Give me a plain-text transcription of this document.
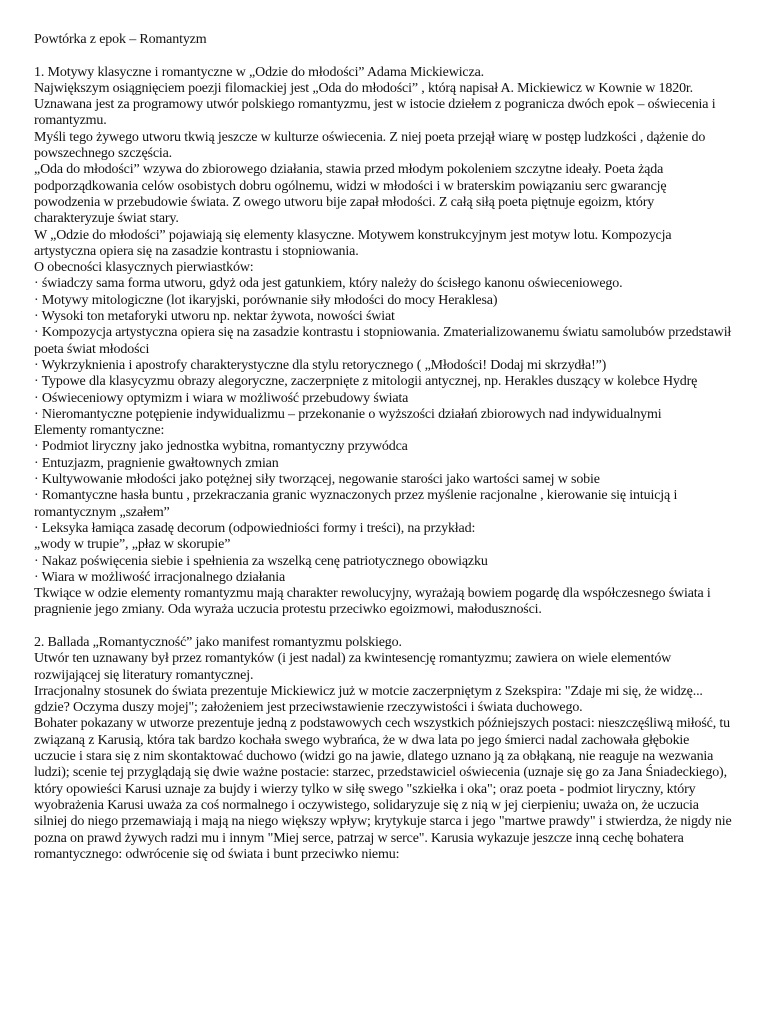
Powtórka z epok – Romantyzm

1. Motywy klasyczne i romantyczne w „Odzie do młodości” Adama Mickiewicza.

Największym osiągnięciem poezji filomackiej jest „Oda do młodości” , którą napisał A. Mickiewicz w Kownie w 1820r. Uznawana jest za programowy utwór polskiego romantyzmu, jest w istocie dziełem z pogranicza dwóch epok – oświecenia i romantyzmu.

Myśli tego żywego utworu tkwią jeszcze w kulturze oświecenia. Z niej poeta przejął wiarę w postęp ludzkości , dążenie do powszechnego szczęścia.

„Oda do młodości” wzywa do zbiorowego działania, stawia przed młodym pokoleniem szczytne ideały. Poeta żąda podporządkowania celów osobistych dobru ogólnemu, widzi w młodości i w braterskim powiązaniu serc gwarancję powodzenia w przebudowie świata. Z owego utworu bije zapał młodości. Z całą siłą poeta piętnuje egoizm, który charakteryzuje świat stary.

W „Odzie do młodości” pojawiają się elementy klasyczne. Motywem konstrukcyjnym jest motyw lotu. Kompozycja artystyczna opiera się na zasadzie kontrastu i stopniowania.

O obecności klasycznych pierwiastków:

· świadczy sama forma utworu, gdyż oda jest gatunkiem, który należy do ścisłego kanonu oświeceniowego.

· Motywy mitologiczne (lot ikaryjski, porównanie siły młodości do mocy Heraklesa)

· Wysoki ton metaforyki utworu np. nektar żywota, nowości świat

· Kompozycja artystyczna opiera się na zasadzie kontrastu i stopniowania. Zmaterializowanemu światu samolubów przedstawił poeta świat młodości

· Wykrzyknienia i apostrofy charakterystyczne dla stylu retorycznego ( „Młodości! Dodaj mi skrzydła!”)

· Typowe dla klasycyzmu obrazy alegoryczne, zaczerpnięte z mitologii antycznej, np. Herakles duszący w kolebce Hydrę

· Oświeceniowy optymizm i wiara w możliwość przebudowy świata

· Nieromantyczne potępienie indywidualizmu – przekonanie o wyższości działań zbiorowych nad indywidualnymi

Elementy romantyczne:

· Podmiot liryczny jako jednostka wybitna, romantyczny przywódca

· Entuzjazm, pragnienie gwałtownych zmian

· Kultywowanie młodości jako potężnej siły tworzącej, negowanie starości jako wartości samej w sobie

· Romantyczne hasła buntu , przekraczania granic wyznaczonych przez myślenie racjonalne , kierowanie się intuicją i romantycznym „szałem”

· Leksyka łamiąca zasadę decorum (odpowiedniości formy i treści), na przykład:

„wody w trupie”, „płaz w skorupie”

· Nakaz poświęcenia siebie i spełnienia za wszelką cenę patriotycznego obowiązku

· Wiara w możliwość irracjonalnego działania

Tkwiące w odzie elementy romantyzmu mają charakter rewolucyjny, wyrażają bowiem pogardę dla współczesnego świata i pragnienie jego zmiany. Oda wyraża uczucia protestu przeciwko egoizmowi, małoduszności.

2. Ballada „Romantyczność” jako manifest romantyzmu polskiego.

Utwór ten uznawany był przez romantyków (i jest nadal) za kwintesencję romantyzmu; zawiera on wiele elementów rozwijającej się literatury romantycznej.

Irracjonalny stosunek do świata prezentuje Mickiewicz już w motcie zaczerpniętym z Szekspira: "Zdaje mi się, że widzę... gdzie? Oczyma duszy mojej"; założeniem jest przeciwstawienie rzeczywistości i świata duchowego.

Bohater pokazany w utworze prezentuje jedną z podstawowych cech wszystkich późniejszych postaci: nieszczęśliwą miłość, tu związaną z Karusią, która tak bardzo kochała swego wybrańca, że w dwa lata po jego śmierci nadal zachowała głębokie uczucie i stara się z nim skontaktować duchowo (widzi go na jawie, dlatego uznano ją za obłąkaną, nie reaguje na wezwania ludzi); scenie tej przyglądają się dwie ważne postacie: starzec, przedstawiciel oświecenia (uznaje się go za Jana Śniadeckiego), który opowieści Karusi uznaje za bujdy i wierzy tylko w siłę swego "szkiełka i oka"; oraz poeta - podmiot liryczny, który wyobrażenia Karusi uważa za coś normalnego i oczywistego, solidaryzuje się z nią w jej cierpieniu; uważa on, że uczucia silniej do niego przemawiają i mają na niego większy wpływ; krytykuje starca i jego "martwe prawdy" i stwierdza, że nigdy nie pozna on prawd żywych radzi mu i innym "Miej serce, patrzaj w serce". Karusia wykazuje jeszcze inną cechę bohatera romantycznego: odwrócenie się od świata i bunt przeciwko niemu:
